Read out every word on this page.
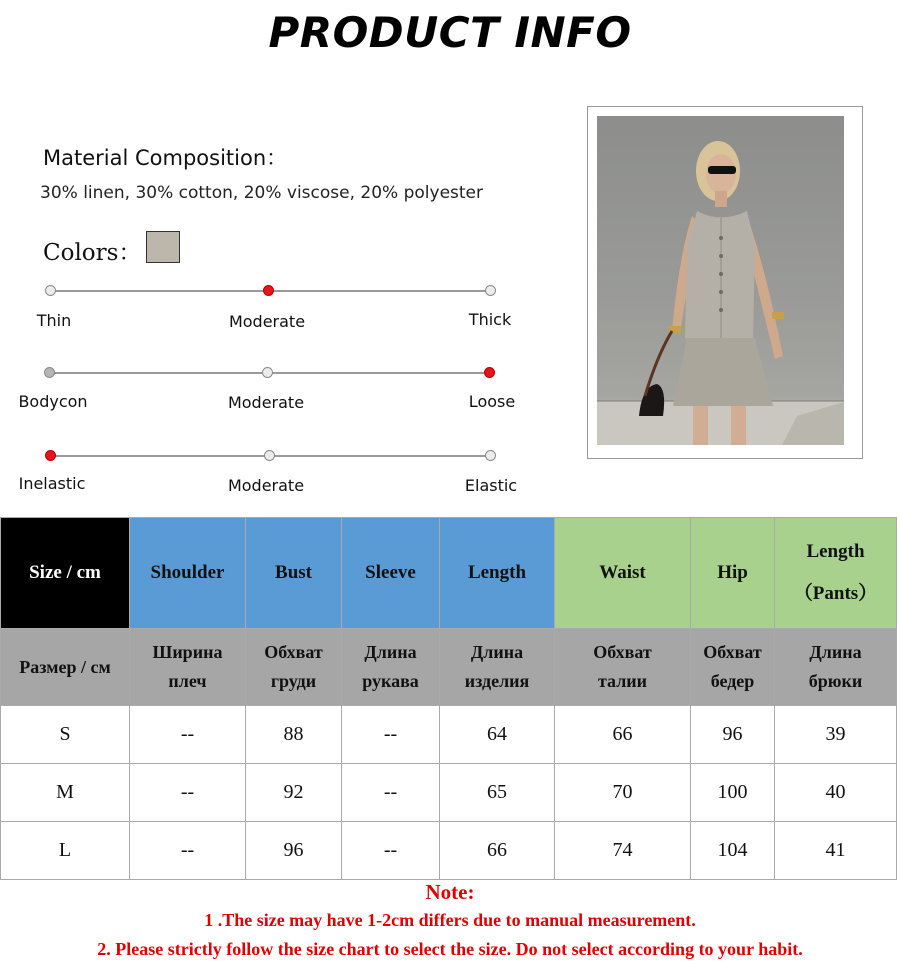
PRODUCT INFO
Material Composition：
30% linen, 30% cotton, 20% viscose, 20% polyester
Colors：
Thin	Moderate	Thick
Bodycon	Moderate	Loose
Inelastic	Moderate	Elastic
Size / cm	Shoulder	Bust	Sleeve	Length	Waist	Hip	Length（Pants）
Размер / см	Ширина плеч	Обхват груди	Длина рукава	Длина изделия	Обхват талии	Обхват бедер	Длина брюки
S	--	88	--	64	66	96	39
M	--	92	--	65	70	100	40
L	--	96	--	66	74	104	41
Note:
1 .The size may have 1-2cm differs due to manual measurement.
2. Please strictly follow the size chart to select the size. Do not select according to your habit.
